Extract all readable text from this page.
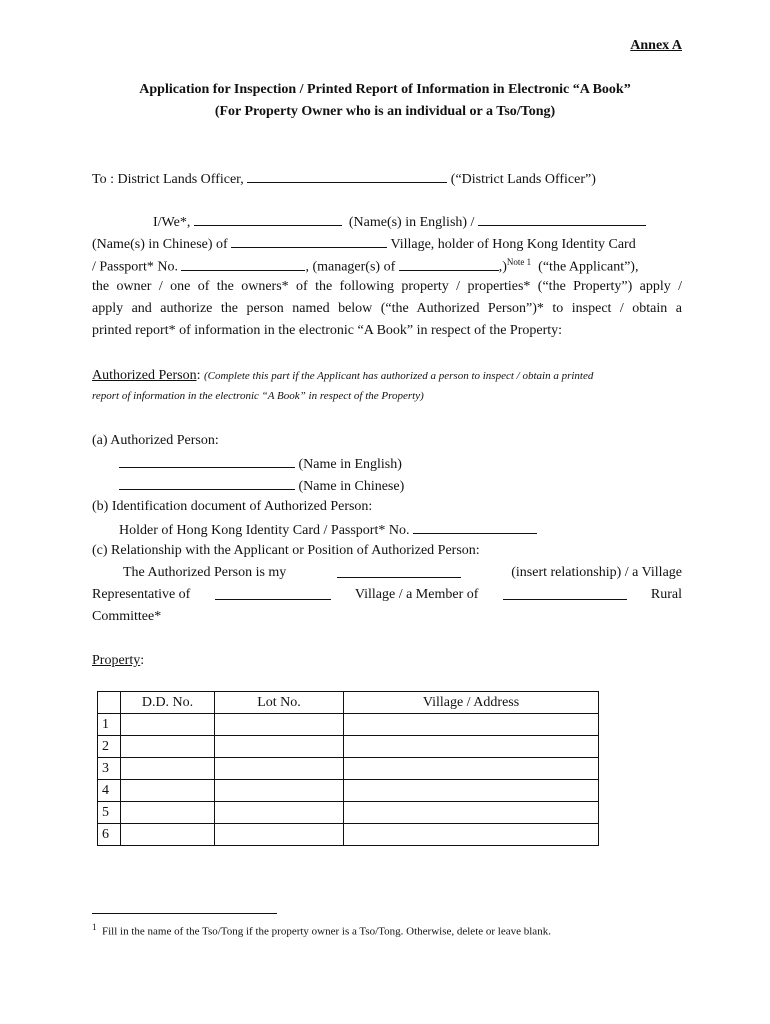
Annex A
Application for Inspection / Printed Report of Information in Electronic “A Book”
(For Property Owner who is an individual or a Tso/Tong)
To : District Lands Officer,	(“District Lands Officer”)
I/We*,	(Name(s) in English) /
(Name(s) in Chinese) of	Village, holder of Hong Kong Identity Card
/ Passport* No.	, (manager(s) of	,)$^{Note 1}$ (“the Applicant”),
the owner / one of the owners* of the following property / properties* (“the Property”) apply /
apply and authorize the person named below (“the Authorized Person”)* to inspect / obtain a
printed report* of information in the electronic “A Book” in respect of the Property:
Authorized Person: (Complete this part if the Applicant has authorized a person to inspect / obtain a printed
report of information in the electronic “A Book” in respect of the Property)
(a) Authorized Person:
(Name in English)
(Name in Chinese)
(b) Identification document of Authorized Person:
Holder of Hong Kong Identity Card / Passport* No.
(c) Relationship with the Applicant or Position of Authorized Person:
The Authorized Person is my	(insert relationship) / a Village
Representative of	Village / a Member of	Rural
Committee*
Property:
	D.D. No.	Lot No.	Village / Address
1			
2			
3			
4			
5			
6			
$^1$ Fill in the name of the Tso/Tong if the property owner is a Tso/Tong. Otherwise, delete or leave blank.
